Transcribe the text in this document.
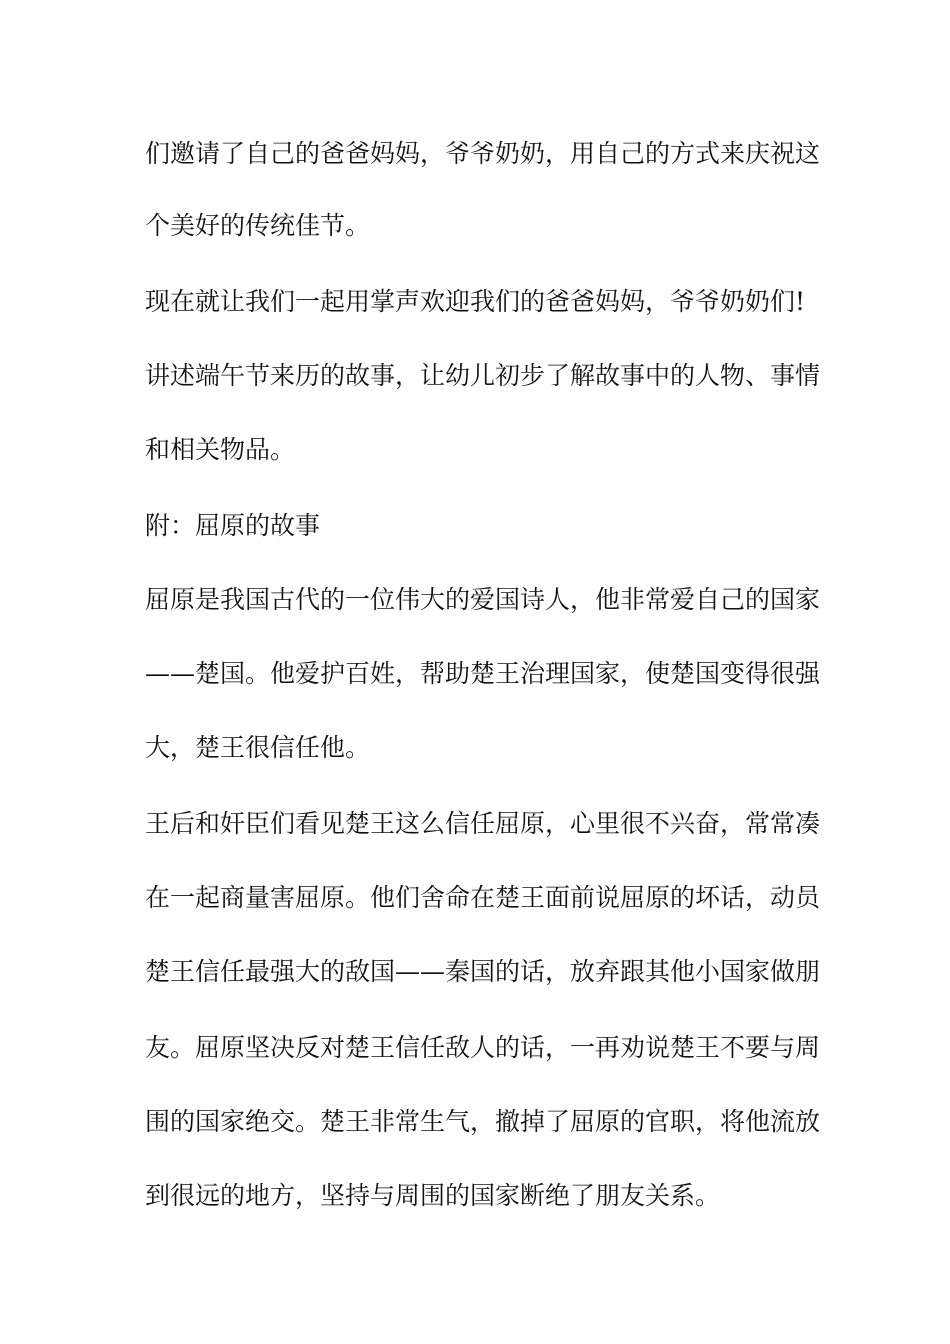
们邀请了自己的爸爸妈妈，爷爷奶奶，用自己的方式来庆祝这
个美好的传统佳节。
现在就让我们一起用掌声欢迎我们的爸爸妈妈，爷爷奶奶们!
讲述端午节来历的故事，让幼儿初步了解故事中的人物、事情
和相关物品。
附：屈原的故事
屈原是我国古代的一位伟大的爱国诗人，他非常爱自己的国家
——楚国。他爱护百姓，帮助楚王治理国家，使楚国变得很强
大，楚王很信任他。
王后和奸臣们看见楚王这么信任屈原，心里很不兴奋，常常凑
在一起商量害屈原。他们舍命在楚王面前说屈原的坏话，动员
楚王信任最强大的敌国——秦国的话，放弃跟其他小国家做朋
友。屈原坚决反对楚王信任敌人的话，一再劝说楚王不要与周
围的国家绝交。楚王非常生气，撤掉了屈原的官职，将他流放
到很远的地方，坚持与周围的国家断绝了朋友关系。
